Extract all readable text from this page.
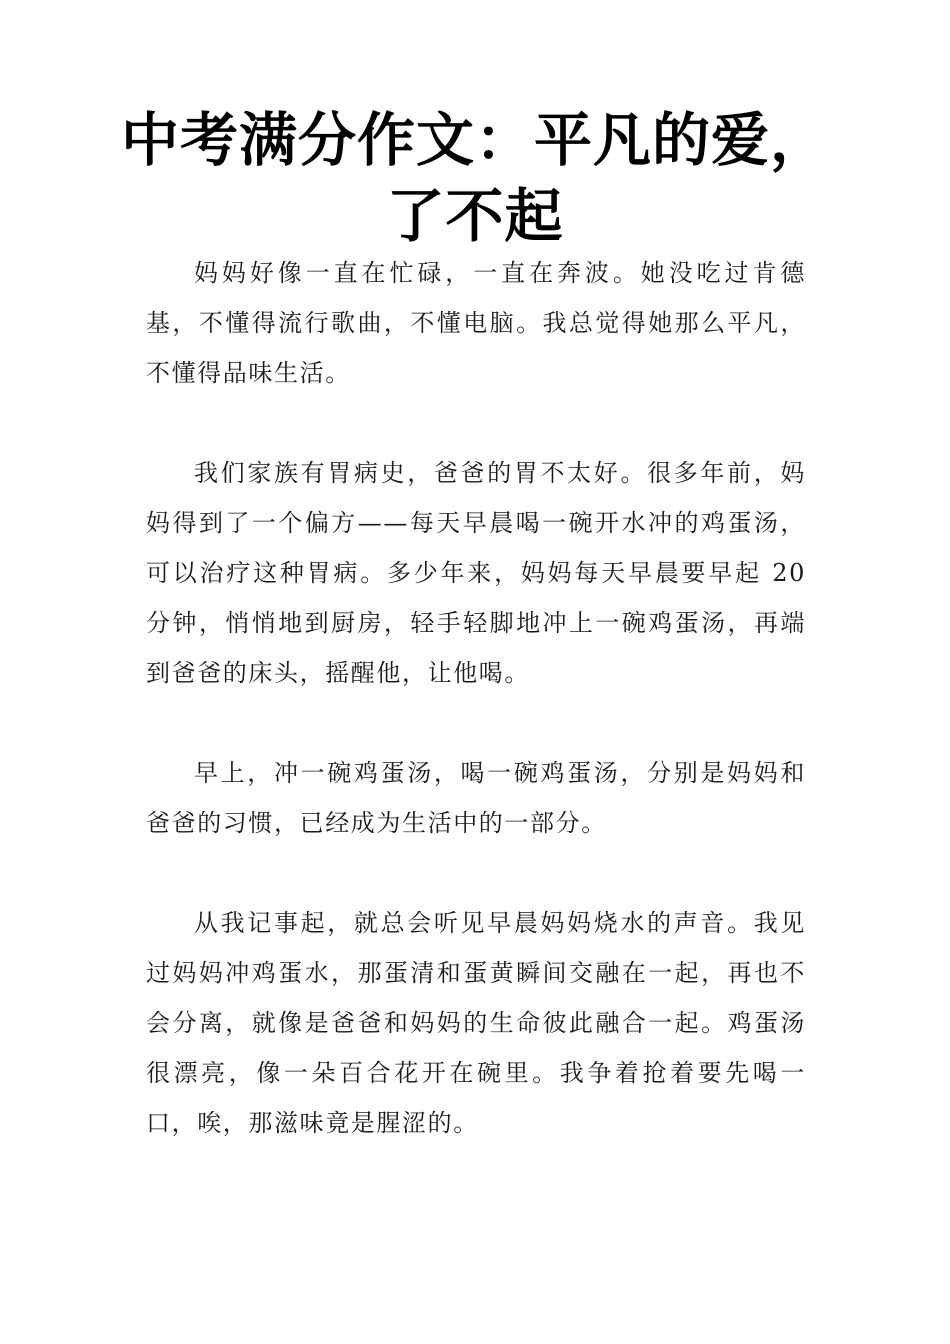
中考满分作文：平凡的爱，了不起

妈妈好像一直在忙碌，一直在奔波。她没吃过肯德基，不懂得流行歌曲，不懂电脑。我总觉得她那么平凡，不懂得品味生活。

我们家族有胃病史，爸爸的胃不太好。很多年前，妈妈得到了一个偏方——每天早晨喝一碗开水冲的鸡蛋汤，可以治疗这种胃病。多少年来，妈妈每天早晨要早起 20 分钟，悄悄地到厨房，轻手轻脚地冲上一碗鸡蛋汤，再端到爸爸的床头，摇醒他，让他喝。

早上，冲一碗鸡蛋汤，喝一碗鸡蛋汤，分别是妈妈和爸爸的习惯，已经成为生活中的一部分。

从我记事起，就总会听见早晨妈妈烧水的声音。我见过妈妈冲鸡蛋水，那蛋清和蛋黄瞬间交融在一起，再也不会分离，就像是爸爸和妈妈的生命彼此融合一起。鸡蛋汤很漂亮，像一朵百合花开在碗里。我争着抢着要先喝一口，唉，那滋味竟是腥涩的。
